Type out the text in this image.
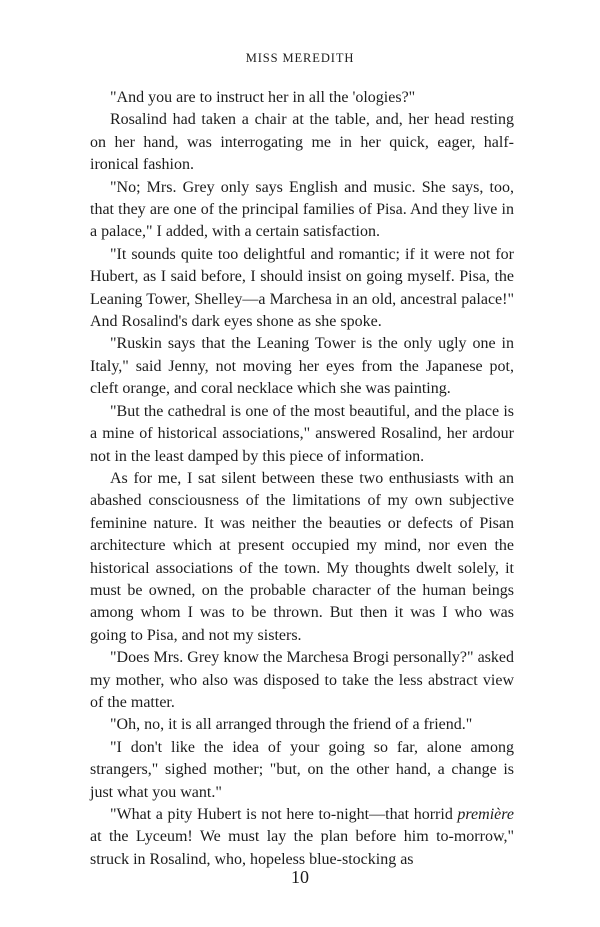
MISS MEREDITH

"And you are to instruct her in all the 'ologies?"

Rosalind had taken a chair at the table, and, her head resting on her hand, was interrogating me in her quick, eager, half-ironical fashion.

"No; Mrs. Grey only says English and music. She says, too, that they are one of the principal families of Pisa. And they live in a palace," I added, with a certain satisfaction.

"It sounds quite too delightful and romantic; if it were not for Hubert, as I said before, I should insist on going myself. Pisa, the Leaning Tower, Shelley—a Marchesa in an old, ancestral palace!" And Rosalind's dark eyes shone as she spoke.

"Ruskin says that the Leaning Tower is the only ugly one in Italy," said Jenny, not moving her eyes from the Japanese pot, cleft orange, and coral necklace which she was painting.

"But the cathedral is one of the most beautiful, and the place is a mine of historical associations," answered Rosalind, her ardour not in the least damped by this piece of information.

As for me, I sat silent between these two enthusiasts with an abashed consciousness of the limitations of my own subjective feminine nature. It was neither the beauties or defects of Pisan architecture which at present occupied my mind, nor even the historical associations of the town. My thoughts dwelt solely, it must be owned, on the probable character of the human beings among whom I was to be thrown. But then it was I who was going to Pisa, and not my sisters.

"Does Mrs. Grey know the Marchesa Brogi personally?" asked my mother, who also was disposed to take the less abstract view of the matter.

"Oh, no, it is all arranged through the friend of a friend."

"I don't like the idea of your going so far, alone among strangers," sighed mother; "but, on the other hand, a change is just what you want."

"What a pity Hubert is not here to-night—that horrid première at the Lyceum! We must lay the plan before him to-morrow," struck in Rosalind, who, hopeless blue-stocking as

10
